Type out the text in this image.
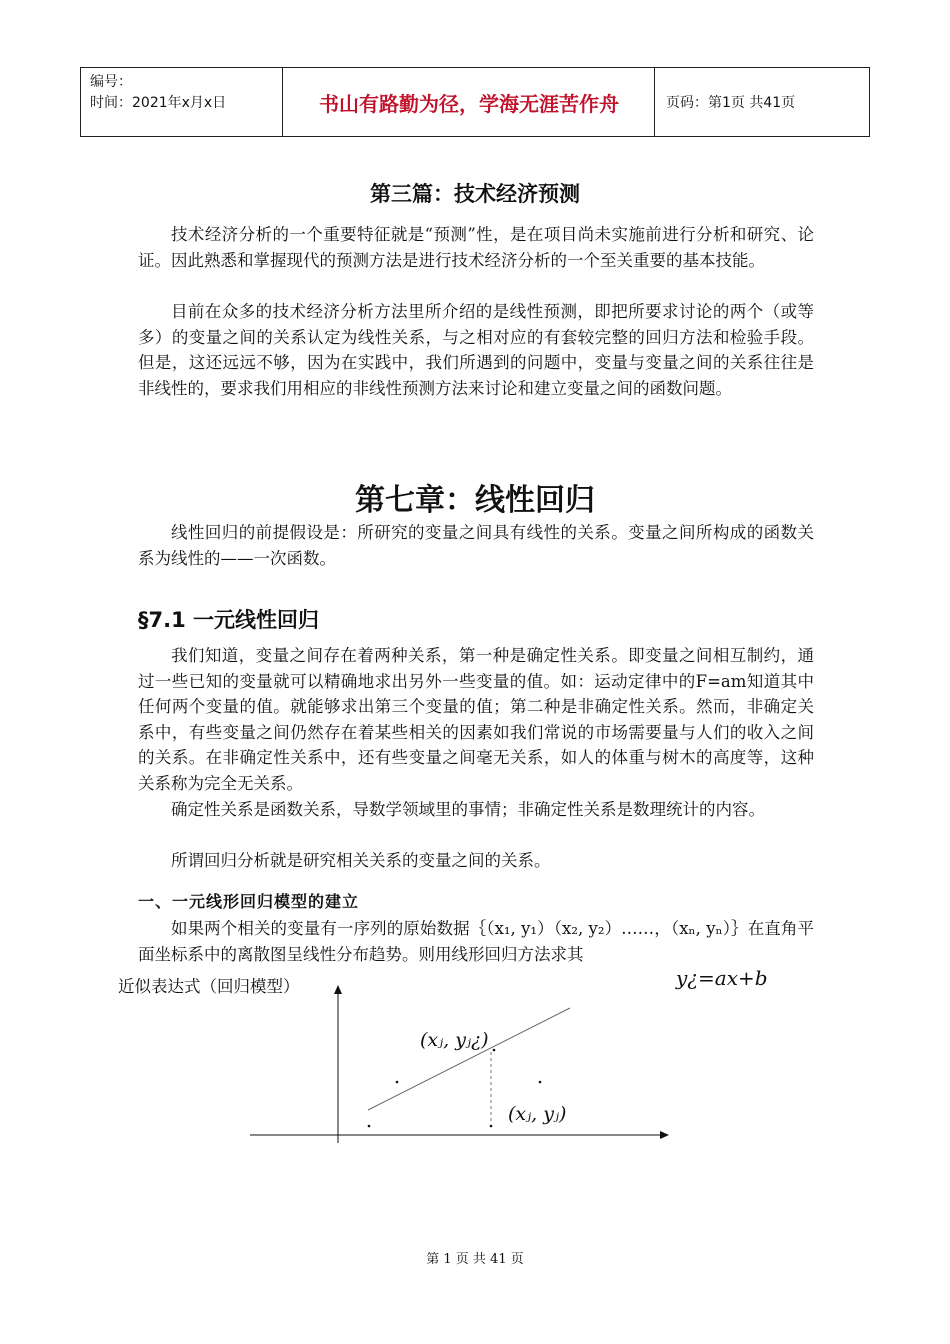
编号：
时间：2021年x月x日	书山有路勤为径，学海无涯苦作舟	页码：第1页 共41页
第三篇：技术经济预测
技术经济分析的一个重要特征就是“预测”性，是在项目尚未实施前进行分析和研究、论证。因此熟悉和掌握现代的预测方法是进行技术经济分析的一个至关重要的基本技能。
目前在众多的技术经济分析方法里所介绍的是线性预测，即把所要求讨论的两个（或等多）的变量之间的关系认定为线性关系，与之相对应的有套较完整的回归方法和检验手段。但是，这还远远不够，因为在实践中，我们所遇到的问题中，变量与变量之间的关系往往是非线性的，要求我们用相应的非线性预测方法来讨论和建立变量之间的函数问题。
第七章：线性回归
线性回归的前提假设是：所研究的变量之间具有线性的关系。变量之间所构成的函数关系为线性的——一次函数。
§7.1 一元线性回归
我们知道，变量之间存在着两种关系，第一种是确定性关系。即变量之间相互制约，通过一些已知的变量就可以精确地求出另外一些变量的值。如：运动定律中的F=am知道其中任何两个变量的值。就能够求出第三个变量的值；第二种是非确定性关系。然而，非确定关系中，有些变量之间仍然存在着某些相关的因素如我们常说的市场需要量与人们的收入之间的关系。在非确定性关系中，还有些变量之间毫无关系，如人的体重与树木的高度等，这种关系称为完全无关系。
确定性关系是函数关系，导数学领域里的事情；非确定性关系是数理统计的内容。
所谓回归分析就是研究相关关系的变量之间的关系。
一、一元线形回归模型的建立
如果两个相关的变量有一序列的原始数据｛（x₁, y₁）（x₂, y₂）……，（xₙ, yₙ）｝在直角平面坐标系中的离散图呈线性分布趋势。则用线形回归方法求其
近似表达式（回归模型）	y¿=ax+b
(xⱼ, yⱼ¿)
(xⱼ, yⱼ)
第 1 页 共 41 页
